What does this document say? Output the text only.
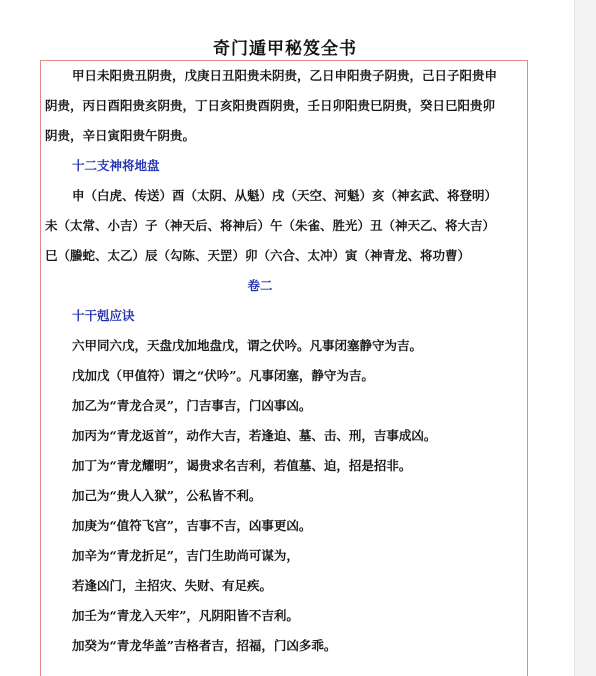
奇门遁甲秘笈全书
甲日未阳贵丑阴贵，戊庚日丑阳贵未阴贵，乙日申阳贵子阴贵，己日子阳贵申
阴贵，丙日酉阳贵亥阴贵，丁日亥阳贵酉阴贵，壬日卯阳贵巳阴贵，癸日巳阳贵卯
阴贵，辛日寅阳贵午阴贵。
十二支神将地盘
申（白虎、传送）酉（太阴、从魁）戌（天空、河魁）亥（神玄武、将登明）
未（太常、小吉）子（神天后、将神后）午（朱雀、胜光）丑（神天乙、将大吉）
巳（螣蛇、太乙）辰（勾陈、天罡）卯（六合、太冲）寅（神青龙、将功曹）
卷二
十干剋应诀
六甲同六戊，天盘戊加地盘戊，谓之伏吟。凡事闭塞静守为吉。
戊加戊（甲值符）谓之“伏吟”。凡事闭塞，静守为吉。
加乙为“青龙合灵”，门吉事吉，门凶事凶。
加丙为“青龙返首”，动作大吉，若逢迫、墓、击、刑，吉事成凶。
加丁为“青龙耀明”，谒贵求名吉利，若值墓、迫，招是招非。
加己为“贵人入狱”，公私皆不利。
加庚为“值符飞宫”，吉事不吉，凶事更凶。
加辛为“青龙折足”，吉门生助尚可谋为，
若逢凶门，主招灾、失财、有足疾。
加壬为“青龙入天牢”，凡阴阳皆不吉利。
加癸为“青龙华盖”吉格者吉，招福，门凶多乖。
